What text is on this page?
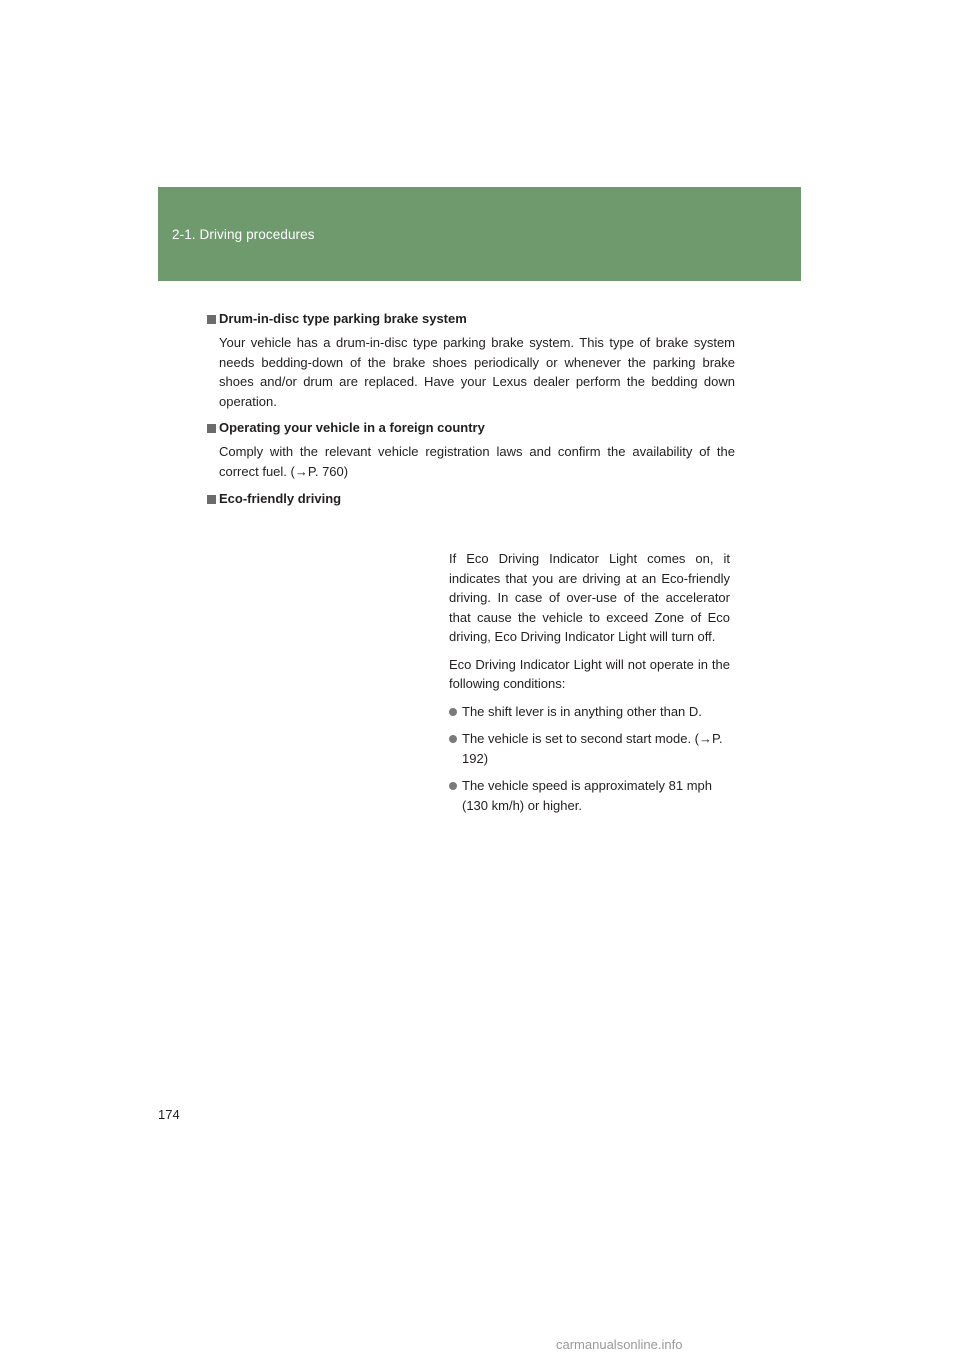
2-1. Driving procedures
Drum-in-disc type parking brake system
Your vehicle has a drum-in-disc type parking brake system. This type of brake system needs bedding-down of the brake shoes periodically or whenever the parking brake shoes and/or drum are replaced. Have your Lexus dealer perform the bedding down operation.
Operating your vehicle in a foreign country
Comply with the relevant vehicle registration laws and confirm the availability of the correct fuel. (→P. 760)
Eco-friendly driving

If Eco Driving Indicator Light comes on, it indicates that you are driving at an Eco-friendly driving. In case of over-use of the accelerator that cause the vehicle to exceed Zone of Eco driving, Eco Driving Indicator Light will turn off.

Eco Driving Indicator Light will not operate in the following conditions:

The shift lever is in anything other than D.
The vehicle is set to second start mode. (→P. 192)
The vehicle speed is approximately 81 mph (130 km/h) or higher.
174
carmanualsonline.info
